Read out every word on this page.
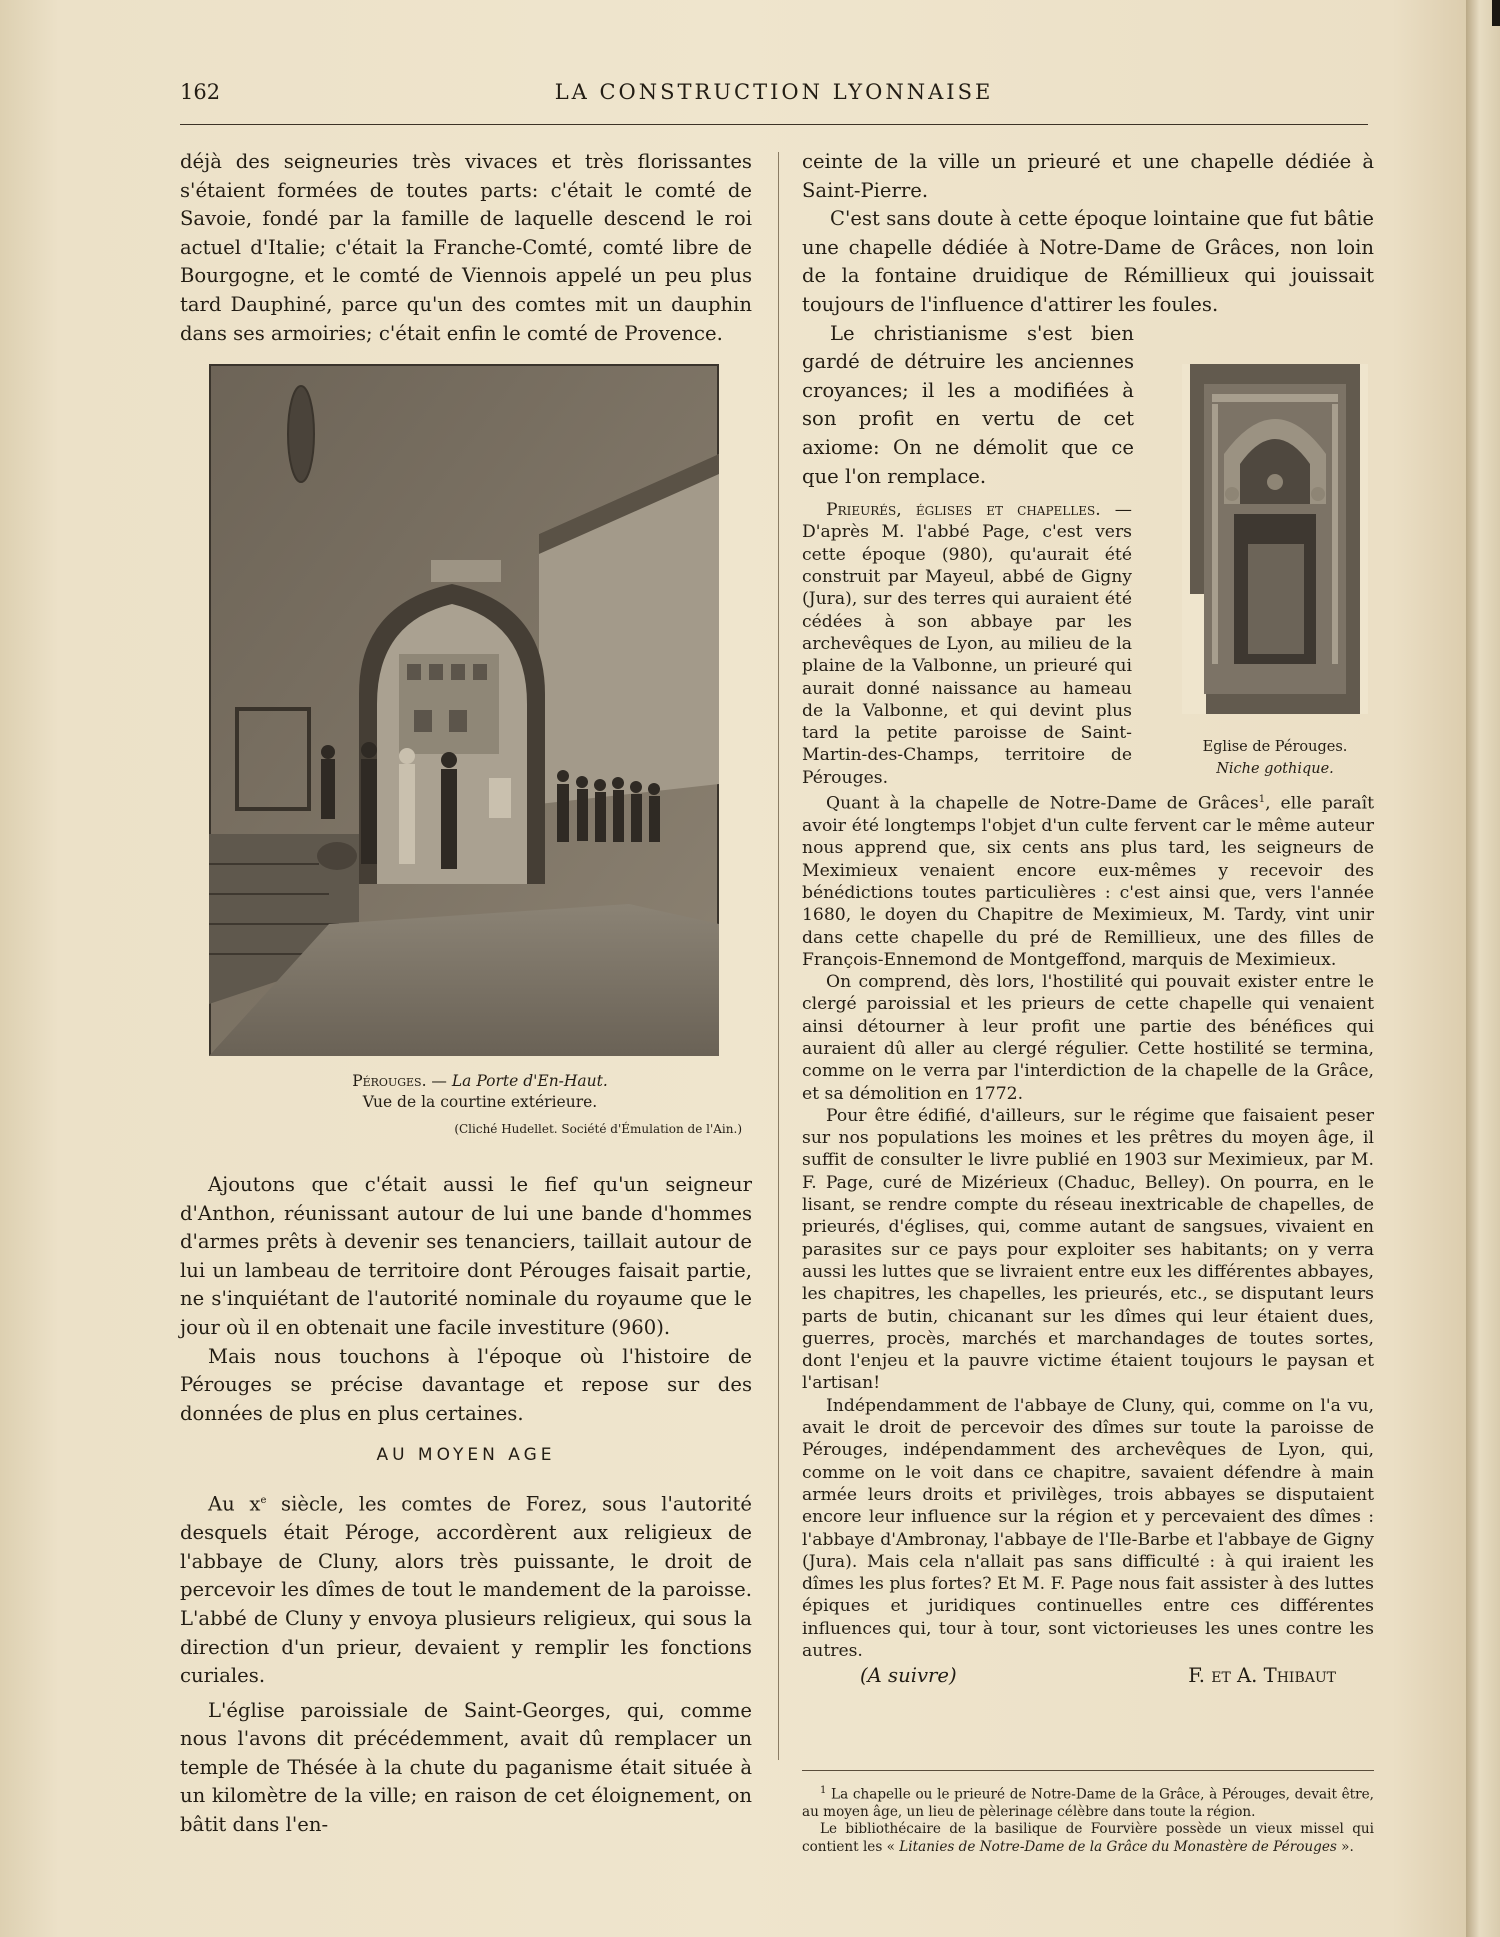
162	LA CONSTRUCTION LYONNAISE

déjà des seigneuries très vivaces et très florissantes s'étaient formées de toutes parts: c'était le comté de Savoie, fondé par la famille de laquelle descend le roi actuel d'Italie; c'était la Franche-Comté, comté libre de Bourgogne, et le comté de Viennois appelé un peu plus tard Dauphiné, parce qu'un des comtes mit un dauphin dans ses armoiries; c'était enfin le comté de Provence.

Pérouges. — La Porte d'En-Haut.
Vue de la courtine extérieure.
(Cliché Hudellet. Société d'Émulation de l'Ain.)

Ajoutons que c'était aussi le fief qu'un seigneur d'Anthon, réunissant autour de lui une bande d'hommes d'armes prêts à devenir ses tenanciers, taillait autour de lui un lambeau de territoire dont Pérouges faisait partie, ne s'inquiétant de l'autorité nominale du royaume que le jour où il en obtenait une facile investiture (960).

Mais nous touchons à l'époque où l'histoire de Pérouges se précise davantage et repose sur des données de plus en plus certaines.

AU MOYEN AGE

Au $x^e$ siècle, les comtes de Forez, sous l'autorité desquels était Péroge, accordèrent aux religieux de l'abbaye de Cluny, alors très puissante, le droit de percevoir les dîmes de tout le mandement de la paroisse. L'abbé de Cluny y envoya plusieurs religieux, qui sous la direction d'un prieur, devaient y remplir les fonctions curiales.

L'église paroissiale de Saint-Georges, qui, comme nous l'avons dit précédemment, avait dû remplacer un temple de Thésée à la chute du paganisme était située à un kilomètre de la ville; en raison de cet éloignement, on bâtit dans l'en-

ceinte de la ville un prieuré et une chapelle dédiée à Saint-Pierre.

C'est sans doute à cette époque lointaine que fut bâtie une chapelle dédiée à Notre-Dame de Grâces, non loin de la fontaine druidique de Rémillieux qui jouissait toujours de l'influence d'attirer les foules.

Le christianisme s'est bien gardé de détruire les anciennes croyances; il les a modifiées à son profit en vertu de cet axiome: On ne démolit que ce que l'on remplace.

Prieurés, églises et chapelles. — D'après M. l'abbé Page, c'est vers cette époque (980), qu'aurait été construit par Mayeul, abbé de Gigny (Jura), sur des terres qui auraient été cédées à son abbaye par les archevêques de Lyon, au milieu de la plaine de la Valbonne, un prieuré qui aurait donné naissance au hameau de la Valbonne, et qui devint plus tard la petite paroisse de Saint-Martin-des-Champs, territoire de Pérouges.

Quant à la chapelle de Notre-Dame de Grâces$^1$, elle paraît avoir été longtemps l'objet d'un culte fervent car le même auteur nous apprend que, six cents ans plus tard, les seigneurs de Meximieux venaient encore eux-mêmes y recevoir des bénédictions toutes particulières : c'est ainsi que, vers l'année 1680, le doyen du Chapitre de Meximieux, M. Tardy, vint unir dans cette chapelle du pré de Remillieux, une des filles de François-Ennemond de Montgeffond, marquis de Meximieux.

On comprend, dès lors, l'hostilité qui pouvait exister entre le clergé paroissial et les prieurs de cette chapelle qui venaient ainsi détourner à leur profit une partie des bénéfices qui auraient dû aller au clergé régulier. Cette hostilité se termina, comme on le verra par l'interdiction de la chapelle de la Grâce, et sa démolition en 1772.

Pour être édifié, d'ailleurs, sur le régime que faisaient peser sur nos populations les moines et les prêtres du moyen âge, il suffit de consulter le livre publié en 1903 sur Meximieux, par M. F. Page, curé de Mizérieux (Chaduc, Belley). On pourra, en le lisant, se rendre compte du réseau inextricable de chapelles, de prieurés, d'églises, qui, comme autant de sangsues, vivaient en parasites sur ce pays pour exploiter ses habitants; on y verra aussi les luttes que se livraient entre eux les différentes abbayes, les chapitres, les chapelles, les prieurés, etc., se disputant leurs parts de butin, chicanant sur les dîmes qui leur étaient dues, guerres, procès, marchés et marchandages de toutes sortes, dont l'enjeu et la pauvre victime étaient toujours le paysan et l'artisan!

Indépendamment de l'abbaye de Cluny, qui, comme on l'a vu, avait le droit de percevoir des dîmes sur toute la paroisse de Pérouges, indépendamment des archevêques de Lyon, qui, comme on le voit dans ce chapitre, savaient défendre à main armée leurs droits et privilèges, trois abbayes se disputaient encore leur influence sur la région et y percevaient des dîmes : l'abbaye d'Ambronay, l'abbaye de l'Ile-Barbe et l'abbaye de Gigny (Jura). Mais cela n'allait pas sans difficulté : à qui iraient les dîmes les plus fortes? Et M. F. Page nous fait assister à des luttes épiques et juridiques continuelles entre ces différentes influences qui, tour à tour, sont victorieuses les unes contre les autres.

(A suivre)	F. et A. Thibaut
Eglise de Pérouges.
Niche gothique.

$^1$ La chapelle ou le prieuré de Notre-Dame de la Grâce, à Pérouges, devait être, au moyen âge, un lieu de pèlerinage célèbre dans toute la région.

Le bibliothécaire de la basilique de Fourvière possède un vieux missel qui contient les « Litanies de Notre-Dame de la Grâce du Monastère de Pérouges ».
